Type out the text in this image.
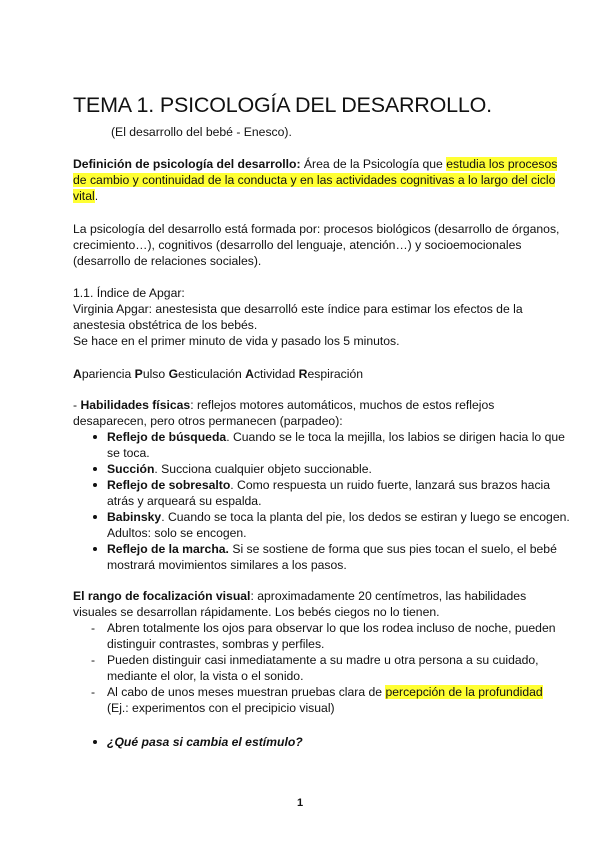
TEMA 1. PSICOLOGÍA DEL DESARROLLO.
(El desarrollo del bebé - Enesco).
Definición de psicología del desarrollo: Área de la Psicología que estudia los procesos de cambio y continuidad de la conducta y en las actividades cognitivas a lo largo del ciclo vital.
La psicología del desarrollo está formada por: procesos biológicos (desarrollo de órganos, crecimiento…), cognitivos (desarrollo del lenguaje, atención…) y socioemocionales (desarrollo de relaciones sociales).
1.1. Índice de Apgar:
Virginia Apgar: anestesista que desarrolló este índice para estimar los efectos de la anestesia obstétrica de los bebés.
Se hace en el primer minuto de vida y pasado los 5 minutos.
Apariencia Pulso Gesticulación Actividad Respiración
- Habilidades físicas: reflejos motores automáticos, muchos de estos reflejos desaparecen, pero otros permanecen (parpadeo):
Reflejo de búsqueda. Cuando se le toca la mejilla, los labios se dirigen hacia lo que se toca.
Succión. Succiona cualquier objeto succionable.
Reflejo de sobresalto. Como respuesta un ruido fuerte, lanzará sus brazos hacia atrás y arqueará su espalda.
Babinsky. Cuando se toca la planta del pie, los dedos se estiran y luego se encogen. Adultos: solo se encogen.
Reflejo de la marcha. Si se sostiene de forma que sus pies tocan el suelo, el bebé mostrará movimientos similares a los pasos.
El rango de focalización visual: aproximadamente 20 centímetros, las habilidades visuales se desarrollan rápidamente. Los bebés ciegos no lo tienen.
- Abren totalmente los ojos para observar lo que los rodea incluso de noche, pueden distinguir contrastes, sombras y perfiles.
- Pueden distinguir casi inmediatamente a su madre u otra persona a su cuidado, mediante el olor, la vista o el sonido.
- Al cabo de unos meses muestran pruebas clara de percepción de la profundidad
(Ej.: experimentos con el precipicio visual)
¿Qué pasa si cambia el estímulo?
1
